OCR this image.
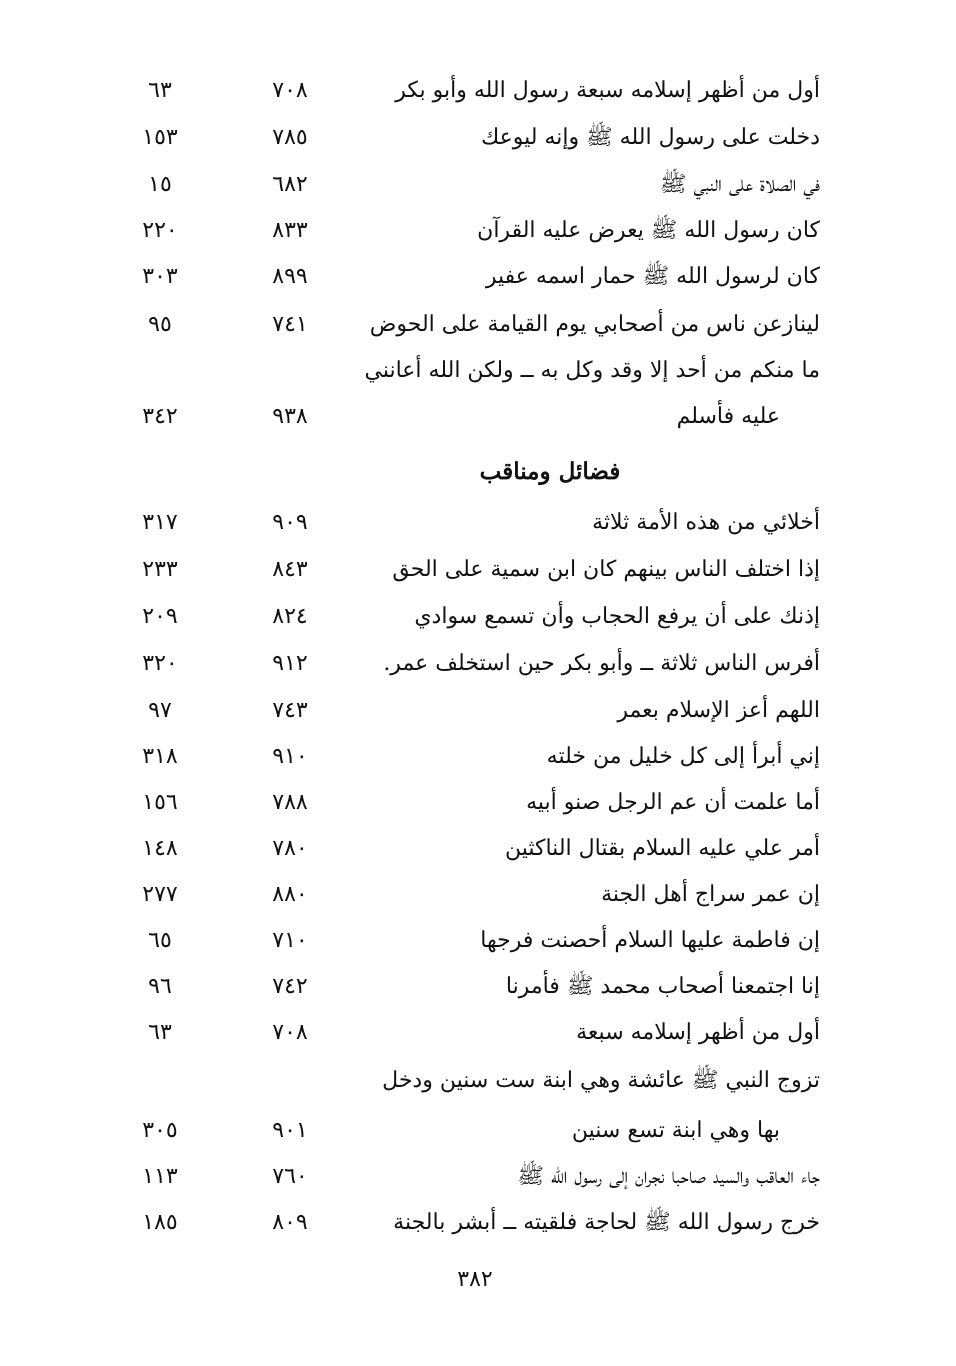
أول من أظهر إسلامه سبعة رسول الله وأبو بكر
٧٠٨
٦٣
دخلت على رسول الله ﷺ وإنه ليوعك
٧٨٥
١٥٣
في الصلاة على النبي ﷺ
٦٨٢
١٥
كان رسول الله ﷺ يعرض عليه القرآن
٨٣٣
٢٢٠
كان لرسول الله ﷺ حمار اسمه عفير
٨٩٩
٣٠٣
لينازعن ناس من أصحابي يوم القيامة على الحوض
٧٤١
٩٥
ما منكم من أحد إلا وقد وكل به ــ ولكن الله أعانني
عليه فأسلم
٩٣٨
٣٤٢
فضائل ومناقب
أخلائي من هذه الأمة ثلاثة
٩٠٩
٣١٧
إذا اختلف الناس بينهم كان ابن سمية على الحق
٨٤٣
٢٣٣
إذنك على أن يرفع الحجاب وأن تسمع سوادي
٨٢٤
٢٠٩
أفرس الناس ثلاثة ــ وأبو بكر حين استخلف عمر.
٩١٢
٣٢٠
اللهم أعز الإسلام بعمر
٧٤٣
٩٧
إني أبرأ إلى كل خليل من خلته
٩١٠
٣١٨
أما علمت أن عم الرجل صنو أبيه
٧٨٨
١٥٦
أمر علي عليه السلام بقتال الناكثين
٧٨٠
١٤٨
إن عمر سراج أهل الجنة
٨٨٠
٢٧٧
إن فاطمة عليها السلام أحصنت فرجها
٧١٠
٦٥
إنا اجتمعنا أصحاب محمد ﷺ فأمرنا
٧٤٢
٩٦
أول من أظهر إسلامه سبعة
٧٠٨
٦٣
تزوج النبي ﷺ عائشة وهي ابنة ست سنين ودخل
بها وهي ابنة تسع سنين
٩٠١
٣٠٥
جاء العاقب والسيد صاحبا نجران إلى رسول الله ﷺ
٧٦٠
١١٣
خرج رسول الله ﷺ لحاجة فلقيته ــ أبشر بالجنة
٨٠٩
١٨٥
٣٨٢
